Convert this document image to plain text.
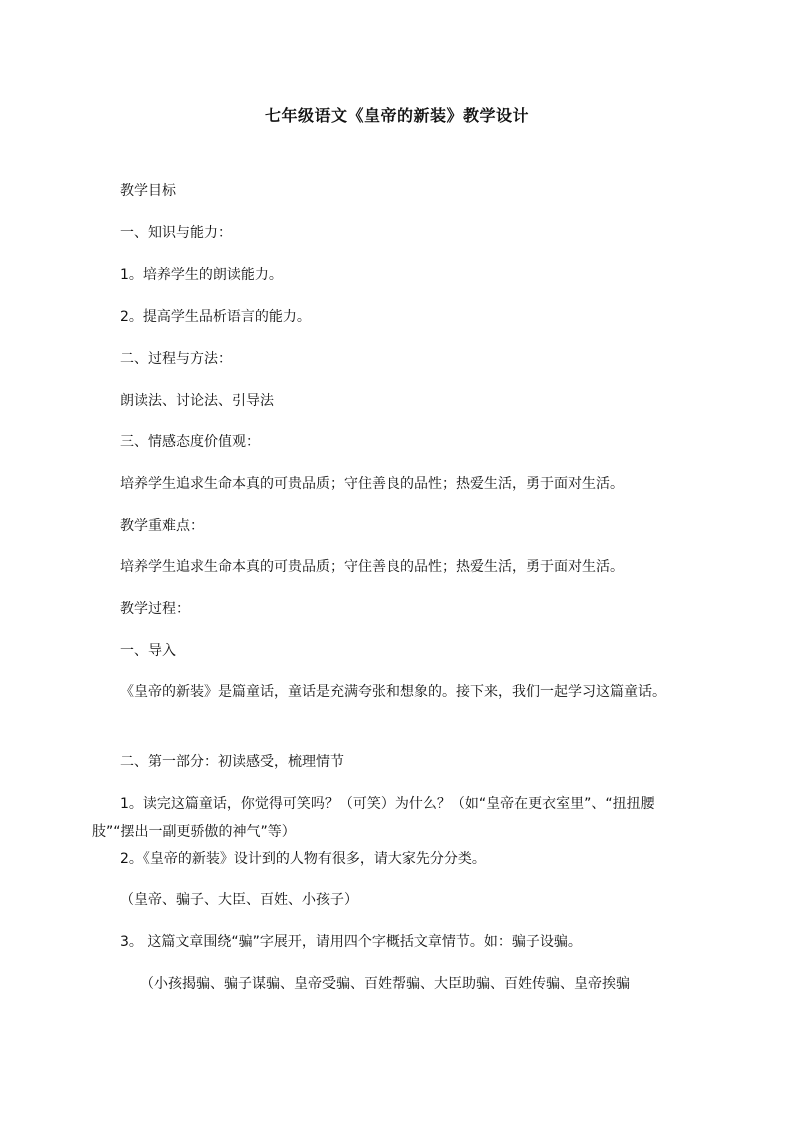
七年级语文《皇帝的新装》教学设计
教学目标
一、知识与能力：
1。培养学生的朗读能力。
2。提高学生品析语言的能力。
二、过程与方法：
朗读法、讨论法、引导法
三、情感态度价值观：
培养学生追求生命本真的可贵品质；守住善良的品性；热爱生活，勇于面对生活。
教学重难点：
培养学生追求生命本真的可贵品质；守住善良的品性；热爱生活，勇于面对生活。
教学过程：
一、导入
《皇帝的新装》是篇童话，童话是充满夸张和想象的。接下来，我们一起学习这篇童话。
二、第一部分：初读感受，梳理情节
1。读完这篇童话，你觉得可笑吗？（可笑）为什么？（如“皇帝在更衣室里”、“扭扭腰肢”“摆出一副更骄傲的神气”等）
2。《皇帝的新装》设计到的人物有很多，请大家先分分类。
（皇帝、骗子、大臣、百姓、小孩子）
3。 这篇文章围绕“骗”字展开，请用四个字概括文章情节。如：骗子设骗。
（小孩揭骗、骗子谋骗、皇帝受骗、百姓帮骗、大臣助骗、百姓传骗、皇帝挨骗
